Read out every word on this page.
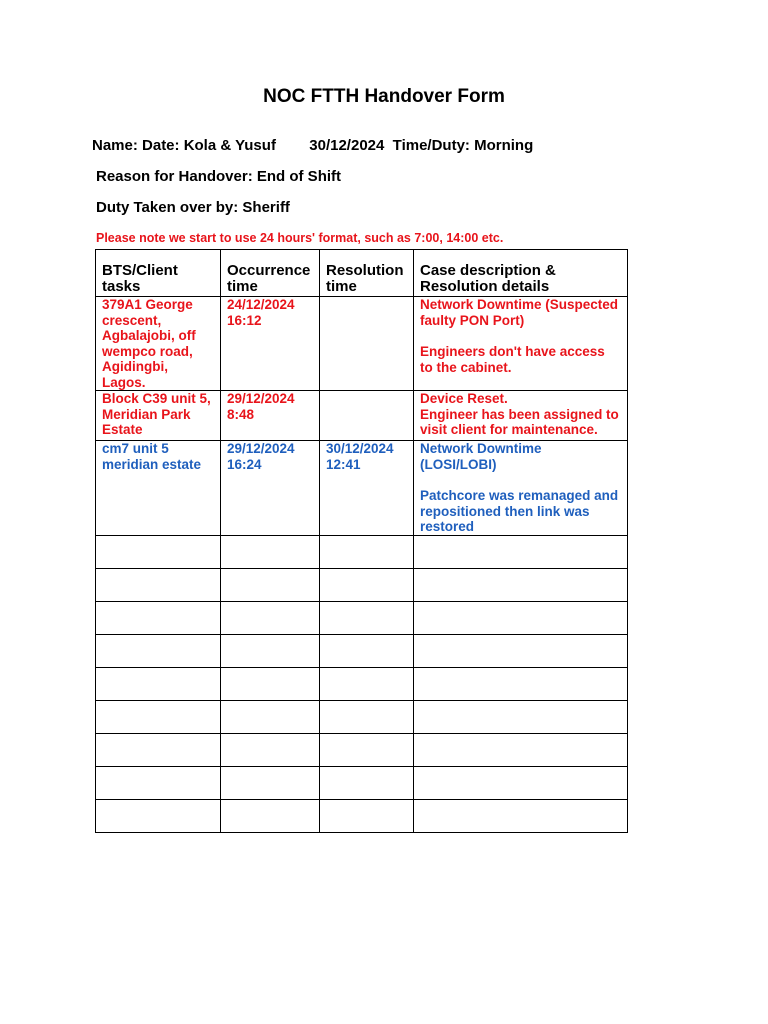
NOC FTTH Handover Form
Name: Date: Kola & Yusuf        30/12/2024  Time/Duty: Morning
Reason for Handover: End of Shift
Duty Taken over by: Sheriff
Please note we start to use 24 hours' format, such as 7:00, 14:00 etc.
BTS/Client tasks	Occurrence time	Resolution time	Case description & Resolution details
379A1 George crescent, Agbalajobi, off wempco road, Agidingbi, Lagos.	24/12/2024 16:12		Network Downtime (Suspected faulty PON Port)
Engineers don't have access to the cabinet.

Block C39 unit 5, Meridian Park Estate	29/12/2024 8:48		Device Reset.
Engineer has been assigned to visit client for maintenance.

cm7 unit 5 meridian estate	29/12/2024 16:24	30/12/2024 12:41	Network Downtime (LOSI/LOBI)
Patchcore was remanaged and repositioned then link was restored
